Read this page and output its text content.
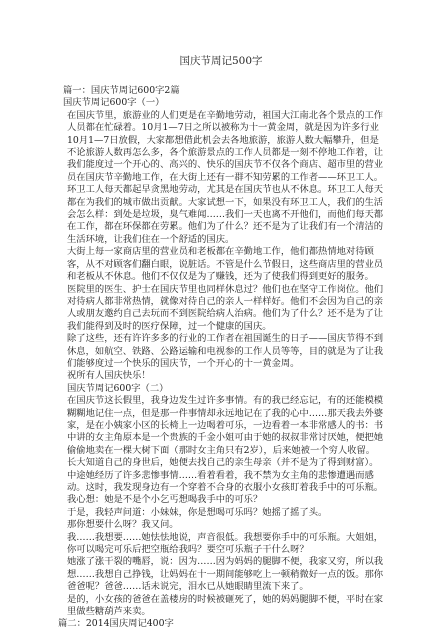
国庆节周记500字

篇一：国庆节周记600字2篇

国庆节周记600字（一）

在国庆节里，旅游业的人们更是在辛勤地劳动，祖国大江南北各个景点的工作人员都在忙碌着。10月1—7日之所以被称为十一黄金周，就是因为许多行业10月1—7日放假，大家都想借此机会去各地旅游，旅游人数大幅攀升，但是不论旅游人数再怎么多，各个旅游景点的工作人员都是一刻不停地工作着，让我们能度过一个开心的、高兴的、快乐的国庆节不仅各个商店、超市里的营业员在国庆节辛勤地工作，在大街上还有一群不知劳累的工作者——环卫工人。环卫工人每天都起早贪黑地劳动，尤其是在国庆节也从不休息。环卫工人每天都在为我们的城市做出贡献。大家试想一下，如果没有环卫工人，我们的生活会怎么样：到处是垃圾，臭气难闻……我们一天也离不开他们，而他们每天都在工作，都在环保都在劳累。他们为了什么？还不是为了让我们有一个清洁的生活环境，让我们住在一个舒适的国庆。

大街上每一家商店里的营业员和老板都在辛勤地工作，他们都热情地对待顾客，从不对顾客们翻白眼，说脏话。不管是什么节假日，这些商店里的营业员和老板从不休息。他们不仅仅是为了赚钱，还为了使我们得到更好的服务。

医院里的医生、护士在国庆节里也同样休息过？他们也在坚守工作岗位。他们对待病人都非常热情，就像对待自己的亲人一样样好。他们不会因为自己的亲人或朋友邀约自己去玩而不到医院给病人治病。他们为了什么？还不是为了让我们能得到及时的医疗保障，过一个健康的国庆。

除了这些，还有许许多多的行业的工作者在祖国诞生的日子——国庆节得不到休息，如航空、铁路、公路运输和电视参的工作人员等等，目的就是为了让我们能够度过一个快乐的国庆节，一个开心的十一黄金周。

祝所有人国庆快乐！

国庆节周记600字（二）

在国庆节这长假里，我身边发生过许多事情。有的我已经忘记，有的还能模模糊糊地记住一点，但是那一件事情却永远地记在了我的心中……那天我去外婆家，是在小姨家小区的长椅上一边喝着可乐，一边看着一本非常感人的书：书中讲的女主角原本是一个贵族的千金小姐可由于她的叔叔非常讨厌她，便把她偷偷地卖在一棵大树下面（那时女主角只有2岁），后来她被一个穷人收留。长大知道自己的身世后，她便去找自己的亲生母亲（并不是为了得到财富）。中途她经历了许多悲惨事情……看着看着，我不禁为女主角的悲惨遭遇而感动。这时，我发现身边有一个穿着不合身的衣服小女孩盯着我手中的可乐瓶。我心想：她是不是个小乞丐想喝我手中的可乐？

于是，我轻声问道：小妹妹，你是想喝可乐吗？她摇了摇了头。

那你想要什么呀？我又问。

我……我想要……她怯怯地说，声音很低。我想要你手中的可乐瓶。大姐姐，你可以喝完可乐后把空瓶给我吗？要空可乐瓶子干什么呀？

她涨了涨干裂的嘴唇，说：因为……因为妈妈的腿脚不便，我家又穷，所以我想……我想自己挣钱，让妈妈在十一期间能够吃上一顿稍微好一点的饭。那你爸爸呢？爸爸……话未说完，泪水已从她眼睛里流下来了。

是的，小女孩的爸爸在盖楼房的时候被砸死了，她的妈妈腿脚不便，平时在家里做些糖葫芦来卖。

篇二：2014国庆周记400字
